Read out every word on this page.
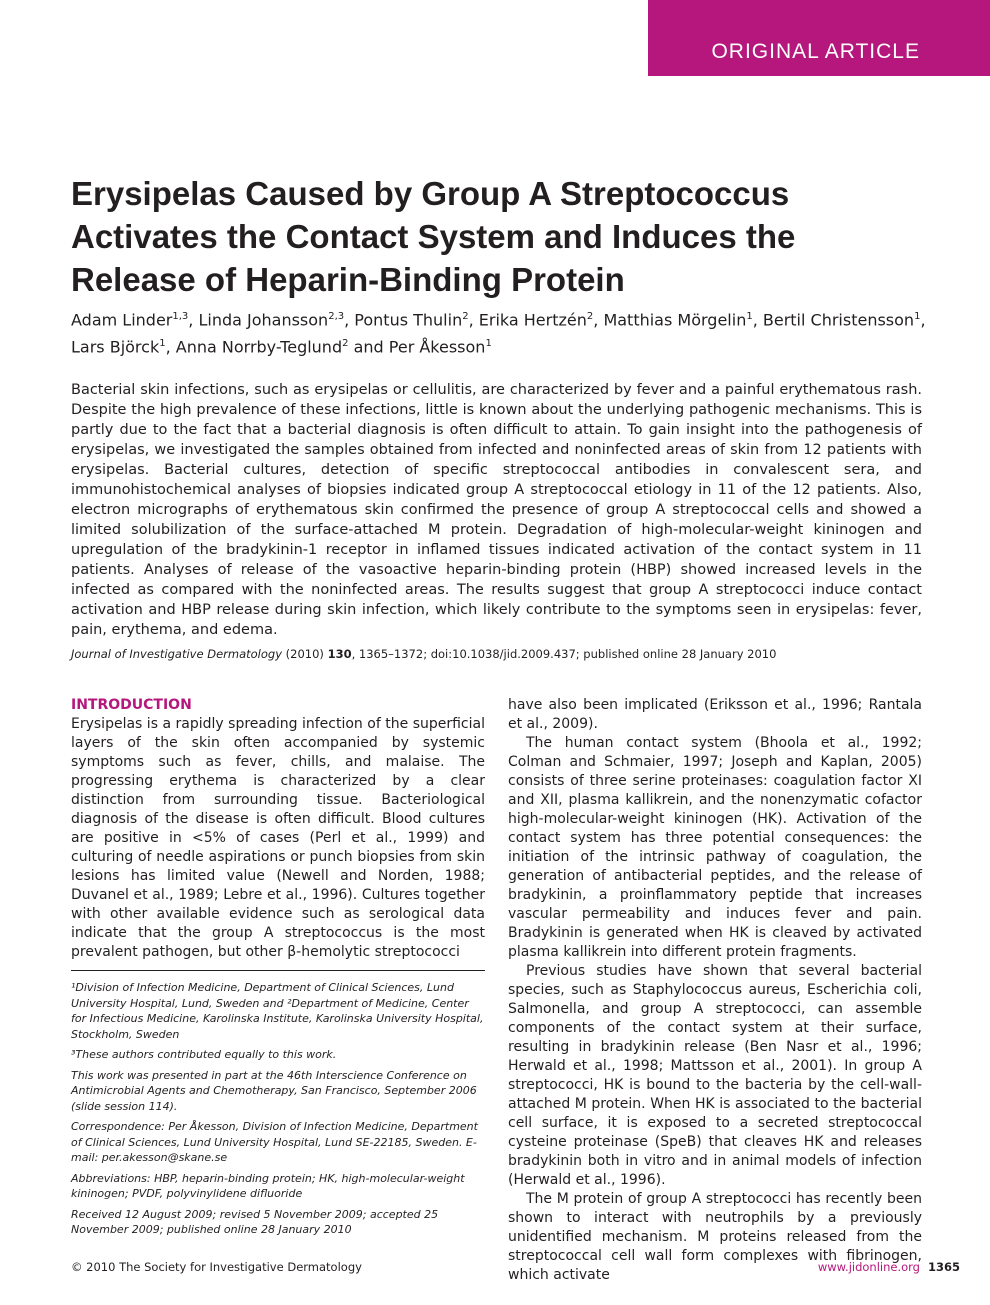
ORIGINAL ARTICLE
Erysipelas Caused by Group A Streptococcus
Activates the Contact System and Induces the
Release of Heparin-Binding Protein
Adam Linder$^{1,3}$, Linda Johansson$^{2,3}$, Pontus Thulin$^2$, Erika Hertzén$^2$, Matthias Mörgelin$^1$, Bertil Christensson$^1$,
Lars Björck$^1$, Anna Norrby-Teglund$^2$ and Per Åkesson$^1$

Bacterial skin infections, such as erysipelas or cellulitis, are characterized by fever and a painful erythematous rash. Despite the high prevalence of these infections, little is known about the underlying pathogenic mechanisms. This is partly due to the fact that a bacterial diagnosis is often difficult to attain. To gain insight into the pathogenesis of erysipelas, we investigated the samples obtained from infected and noninfected areas of skin from 12 patients with erysipelas. Bacterial cultures, detection of specific streptococcal antibodies in convalescent sera, and immunohistochemical analyses of biopsies indicated group A streptococcal etiology in 11 of the 12 patients. Also, electron micrographs of erythematous skin confirmed the presence of group A streptococcal cells and showed a limited solubilization of the surface-attached M protein. Degradation of high-molecular-weight kininogen and upregulation of the bradykinin-1 receptor in inflamed tissues indicated activation of the contact system in 11 patients. Analyses of release of the vasoactive heparin-binding protein (HBP) showed increased levels in the infected as compared with the noninfected areas. The results suggest that group A streptococci induce contact activation and HBP release during skin infection, which likely contribute to the symptoms seen in erysipelas: fever, pain, erythema, and edema.

Journal of Investigative Dermatology (2010) 130, 1365–1372; doi:10.1038/jid.2009.437; published online 28 January 2010
INTRODUCTION

Erysipelas is a rapidly spreading infection of the superficial layers of the skin often accompanied by systemic symptoms such as fever, chills, and malaise. The progressing erythema is characterized by a clear distinction from surrounding tissue. Bacteriological diagnosis of the disease is often difficult. Blood cultures are positive in <5% of cases (Perl et al., 1999) and culturing of needle aspirations or punch biopsies from skin lesions has limited value (Newell and Norden, 1988; Duvanel et al., 1989; Lebre et al., 1996). Cultures together with other available evidence such as serological data indicate that the group A streptococcus is the most prevalent pathogen, but other β-hemolytic streptococci

¹Division of Infection Medicine, Department of Clinical Sciences, Lund University Hospital, Lund, Sweden and ²Department of Medicine, Center for Infectious Medicine, Karolinska Institute, Karolinska University Hospital, Stockholm, Sweden

³These authors contributed equally to this work.

This work was presented in part at the 46th Interscience Conference on Antimicrobial Agents and Chemotherapy, San Francisco, September 2006 (slide session 114).

Correspondence: Per Åkesson, Division of Infection Medicine, Department of Clinical Sciences, Lund University Hospital, Lund SE-22185, Sweden. E-mail: per.akesson@skane.se

Abbreviations: HBP, heparin-binding protein; HK, high-molecular-weight kininogen; PVDF, polyvinylidene difluoride

Received 12 August 2009; revised 5 November 2009; accepted 25 November 2009; published online 28 January 2010

have also been implicated (Eriksson et al., 1996; Rantala et al., 2009).

The human contact system (Bhoola et al., 1992; Colman and Schmaier, 1997; Joseph and Kaplan, 2005) consists of three serine proteinases: coagulation factor XI and XII, plasma kallikrein, and the nonenzymatic cofactor high-molecular-weight kininogen (HK). Activation of the contact system has three potential consequences: the initiation of the intrinsic pathway of coagulation, the generation of antibacterial peptides, and the release of bradykinin, a proinflammatory peptide that increases vascular permeability and induces fever and pain. Bradykinin is generated when HK is cleaved by activated plasma kallikrein into different protein fragments.

Previous studies have shown that several bacterial species, such as Staphylococcus aureus, Escherichia coli, Salmonella, and group A streptococci, can assemble components of the contact system at their surface, resulting in bradykinin release (Ben Nasr et al., 1996; Herwald et al., 1998; Mattsson et al., 2001). In group A streptococci, HK is bound to the bacteria by the cell-wall-attached M protein. When HK is associated to the bacterial cell surface, it is exposed to a secreted streptococcal cysteine proteinase (SpeB) that cleaves HK and releases bradykinin both in vitro and in animal models of infection (Herwald et al., 1996).

The M protein of group A streptococci has recently been shown to interact with neutrophils by a previously unidentified mechanism. M proteins released from the streptococcal cell wall form complexes with fibrinogen, which activate

© 2010 The Society for Investigative Dermatology	www.jidonline.org 1365
